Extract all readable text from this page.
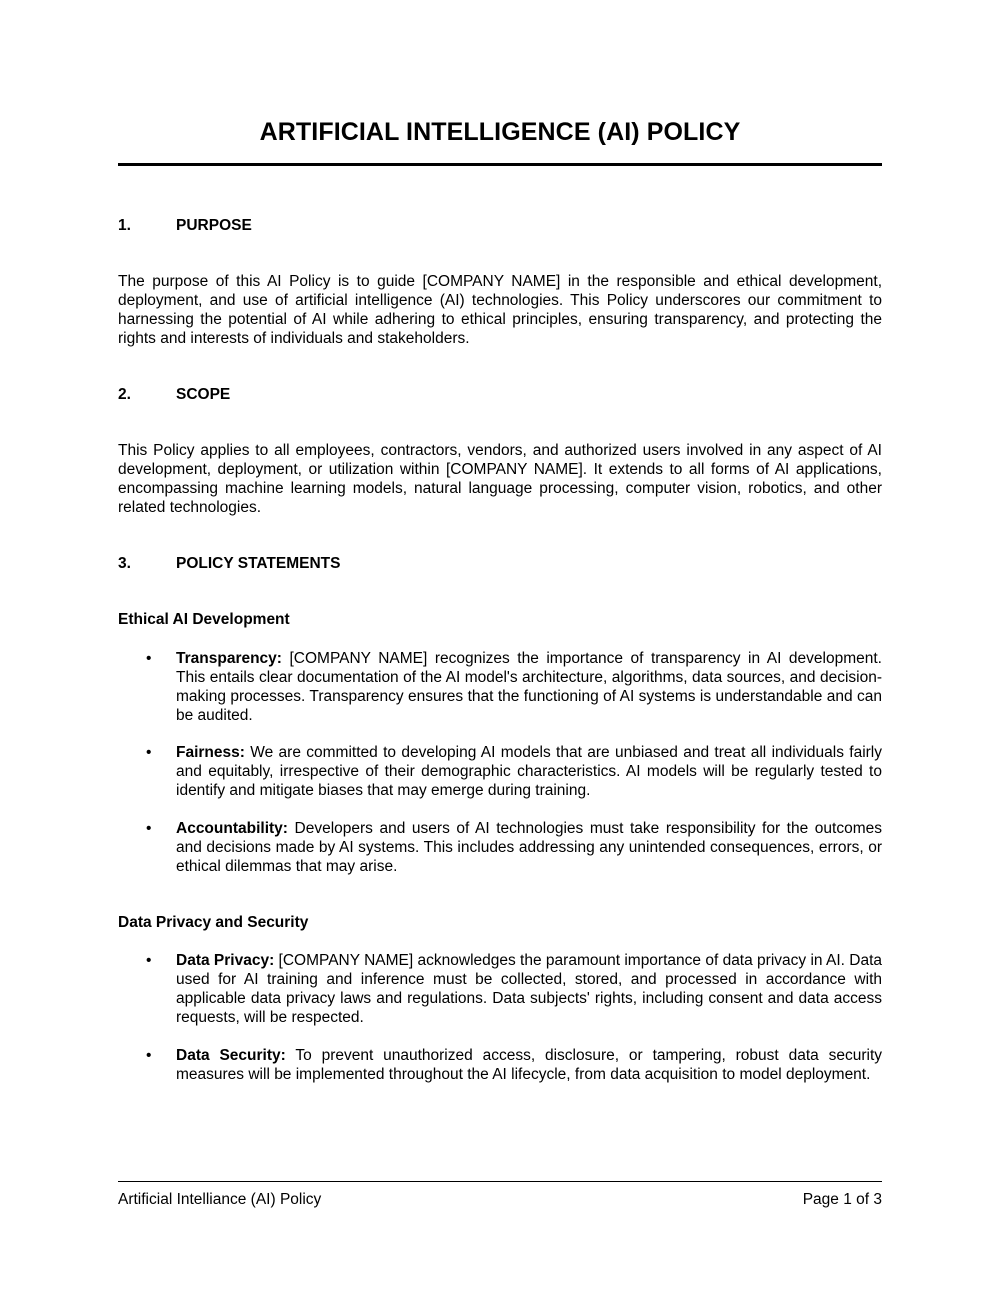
ARTIFICIAL INTELLIGENCE (AI) POLICY
1.	PURPOSE
The purpose of this AI Policy is to guide [COMPANY NAME] in the responsible and ethical development, deployment, and use of artificial intelligence (AI) technologies. This Policy underscores our commitment to harnessing the potential of AI while adhering to ethical principles, ensuring transparency, and protecting the rights and interests of individuals and stakeholders.
2.	SCOPE
This Policy applies to all employees, contractors, vendors, and authorized users involved in any aspect of AI development, deployment, or utilization within [COMPANY NAME]. It extends to all forms of AI applications, encompassing machine learning models, natural language processing, computer vision, robotics, and other related technologies.
3.	POLICY STATEMENTS
Ethical AI Development
• Transparency: [COMPANY NAME] recognizes the importance of transparency in AI development. This entails clear documentation of the AI model's architecture, algorithms, data sources, and decision-making processes. Transparency ensures that the functioning of AI systems is understandable and can be audited.
• Fairness: We are committed to developing AI models that are unbiased and treat all individuals fairly and equitably, irrespective of their demographic characteristics. AI models will be regularly tested to identify and mitigate biases that may emerge during training.
• Accountability: Developers and users of AI technologies must take responsibility for the outcomes and decisions made by AI systems. This includes addressing any unintended consequences, errors, or ethical dilemmas that may arise.
Data Privacy and Security
• Data Privacy: [COMPANY NAME] acknowledges the paramount importance of data privacy in AI. Data used for AI training and inference must be collected, stored, and processed in accordance with applicable data privacy laws and regulations. Data subjects' rights, including consent and data access requests, will be respected.
• Data Security: To prevent unauthorized access, disclosure, or tampering, robust data security measures will be implemented throughout the AI lifecycle, from data acquisition to model deployment.
Artificial Intelliance (AI) Policy	Page 1 of 3
